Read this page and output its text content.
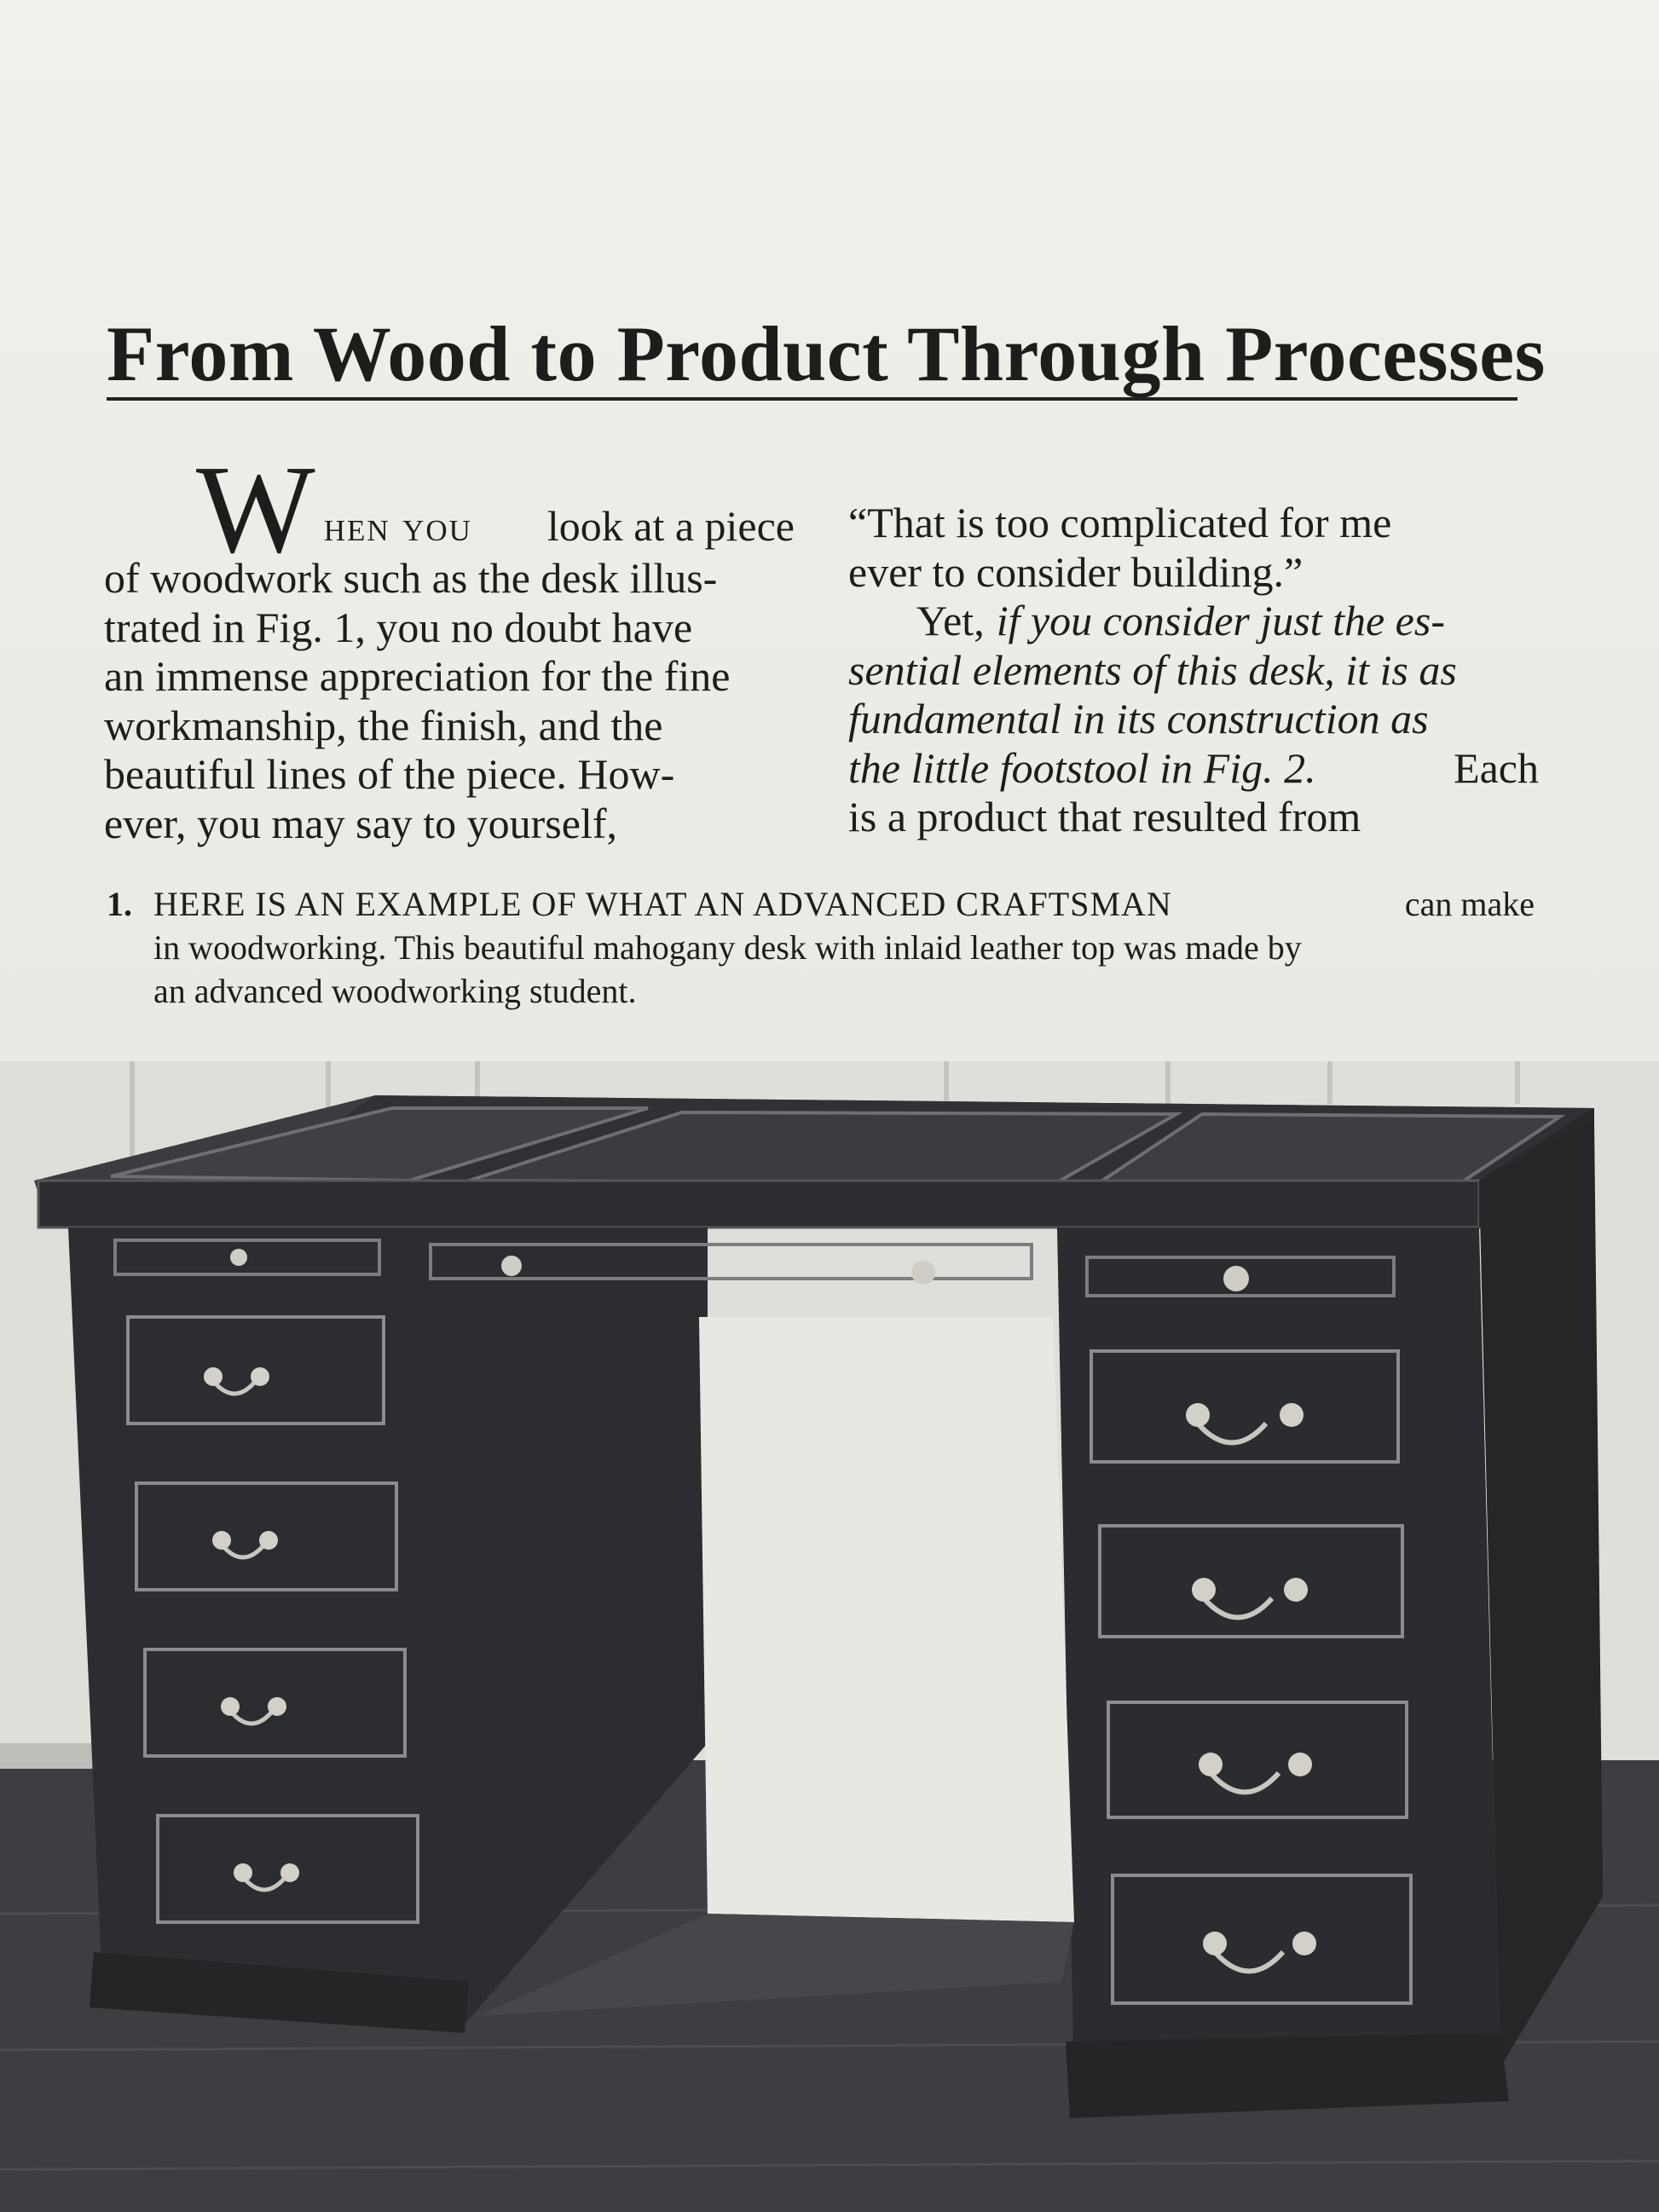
From Wood to Product Through Processes
W hen you look at a piece
of woodwork such as the desk illus-
trated in Fig. 1, you no doubt have
an immense appreciation for the fine
workmanship, the finish, and the
beautiful lines of the piece. How-
ever, you may say to yourself,
“That is too complicated for me
ever to consider building.”
Yet, if you consider just the es-
sential elements of this desk, it is as
fundamental in its construction as
the little footstool in Fig. 2.	Each
is a product that resulted from
1. HERE IS AN EXAMPLE OF WHAT AN ADVANCED CRAFTSMAN	can make
in woodworking. This beautiful mahogany desk with inlaid leather top was made by
an advanced woodworking student.
